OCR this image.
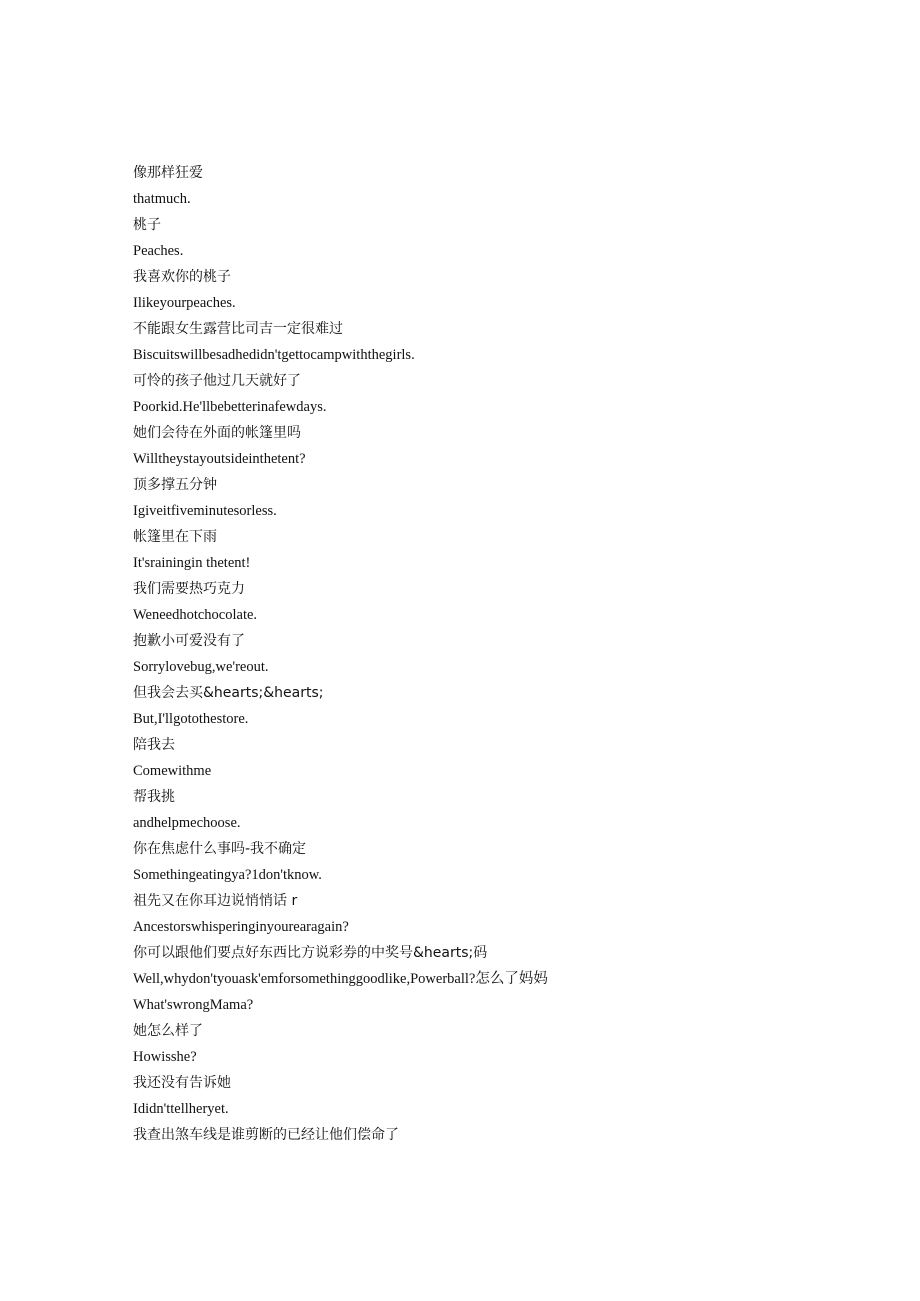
像那样狂爱

thatmuch.

桃子

Peaches.

我喜欢你的桃子

Ilikeyourpeaches.

不能跟女生露营比司吉一定很难过

Biscuitswillbesadhedidn'tgettocampwiththegirls.

可怜的孩子他过几天就好了

Poorkid.He'llbebetterinafewdays.

她们会待在外面的帐篷里吗

Willtheystayoutsideinthetent?

顶多撑五分钟

Igiveitfiveminutesorless.

帐篷里在下雨

It'srainingin thetent!

我们需要热巧克力

Weneedhotchocolate.

抱歉小可爱没有了

Sorrylovebug,we'reout.

但我会去买&hearts;&hearts;

But,I'llgotothestore.

陪我去

Comewithme

帮我挑

andhelpmechoose.

你在焦虑什么事吗-我不确定

Somethingeatingya?1don'tknow.

祖先又在你耳边说悄悄话 r

Ancestorswhisperinginyourearagain?

你可以跟他们要点好东西比方说彩券的中奖号&hearts;码

Well,whydon'tyouask'emforsomethinggoodlike,Powerball?怎么了妈妈

What'swrongMama?

她怎么样了

Howisshe?

我还没有告诉她

Ididn'ttellheryet.

我查出煞车线是谁剪断的已经让他们偿命了
